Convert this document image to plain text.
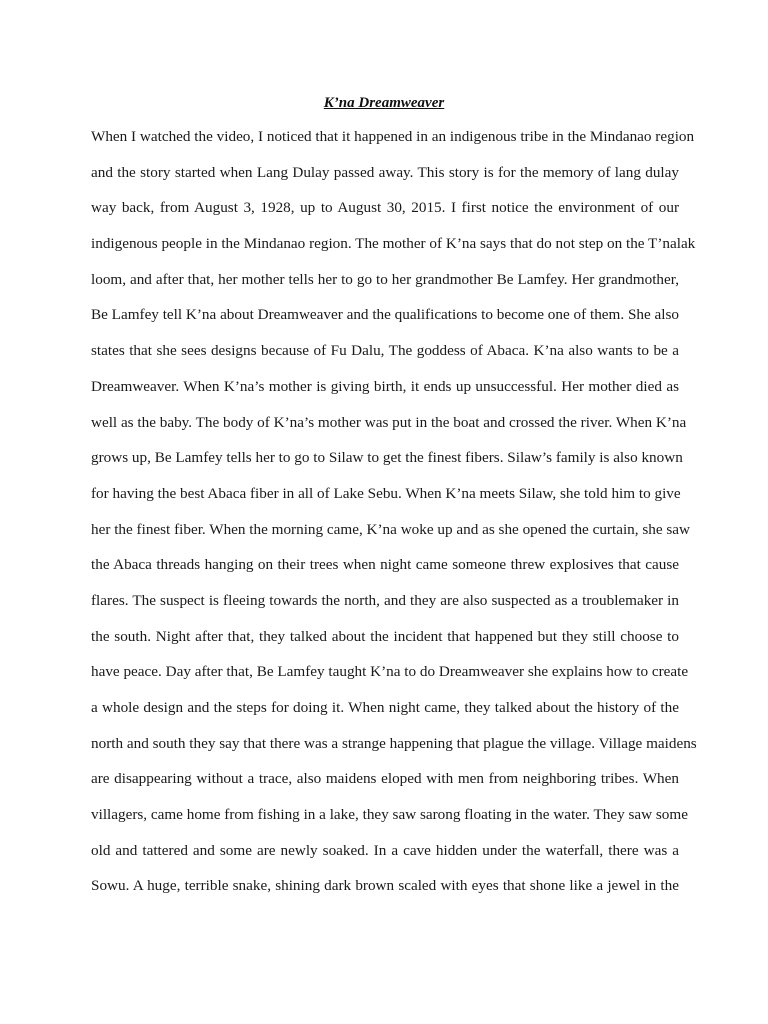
K’na Dreamweaver
When I watched the video, I noticed that it happened in an indigenous tribe in the Mindanao region
and the story started when Lang Dulay passed away. This story is for the memory of lang dulay
way back, from August 3, 1928, up to August 30, 2015. I first notice the environment of our
indigenous people in the Mindanao region. The mother of K’na says that do not step on the T’nalak
loom, and after that, her mother tells her to go to her grandmother Be Lamfey. Her grandmother,
Be Lamfey tell K’na about Dreamweaver and the qualifications to become one of them. She also
states that she sees designs because of Fu Dalu, The goddess of Abaca. K’na also wants to be a
Dreamweaver. When K’na’s mother is giving birth, it ends up unsuccessful. Her mother died as
well as the baby. The body of K’na’s mother was put in the boat and crossed the river. When K’na
grows up, Be Lamfey tells her to go to Silaw to get the finest fibers. Silaw’s family is also known
for having the best Abaca fiber in all of Lake Sebu. When K’na meets Silaw, she told him to give
her the finest fiber. When the morning came, K’na woke up and as she opened the curtain, she saw
the Abaca threads hanging on their trees when night came someone threw explosives that cause
flares. The suspect is fleeing towards the north, and they are also suspected as a troublemaker in
the south. Night after that, they talked about the incident that happened but they still choose to
have peace. Day after that, Be Lamfey taught K’na to do Dreamweaver she explains how to create
a whole design and the steps for doing it. When night came, they talked about the history of the
north and south they say that there was a strange happening that plague the village. Village maidens
are disappearing without a trace, also maidens eloped with men from neighboring tribes. When
villagers, came home from fishing in a lake, they saw sarong floating in the water. They saw some
old and tattered and some are newly soaked. In a cave hidden under the waterfall, there was a
Sowu. A huge, terrible snake, shining dark brown scaled with eyes that shone like a jewel in the
